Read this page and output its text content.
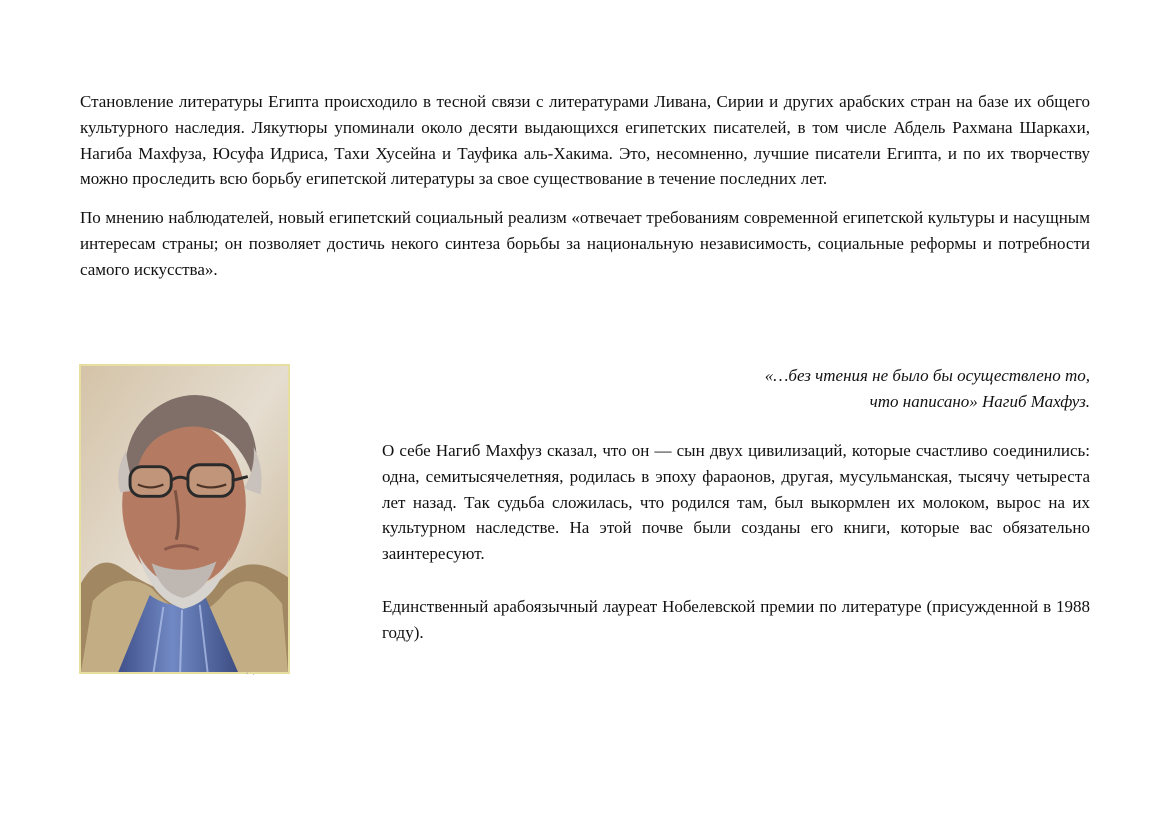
Становление литературы Египта происходило в тесной связи с литературами Ливана, Сирии и других арабских стран на базе их общего культурного наследия. Лякутюры упоминали около десяти выдающихся египетских писателей, в том числе Абдель Рахмана Шаркахи, Нагиба Махфуза, Юсуфа Идриса, Тахи Хусейна и Тауфика аль-Хакима. Это, несомненно, лучшие писатели Египта, и по их творчеству можно проследить всю борьбу египетской литературы за свое существование в течение последних лет.

По мнению наблюдателей, новый египетский социальный реализм «отвечает требованиям современной египетской культуры и насущным интересам страны; он позволяет достичь некого синтеза борьбы за национальную независимость, социальные реформы и потребности самого искусства».

‘ ·
«…без чтения не было бы осуществлено то,
что написано» Нагиб Махфуз.

О себе Нагиб Махфуз сказал, что он — сын двух цивилизаций, которые счастливо соединились: одна, семитысячелетняя, родилась в эпоху фараонов, другая, мусульманская, тысячу четыреста лет назад. Так судьба сложилась, что родился там, был выкормлен их молоком, вырос на их культурном наследстве. На этой почве были созданы его книги, которые вас обязательно заинтересуют.

Единственный арабоязычный лауреат Нобелевской премии по литературе (присужденной в 1988 году).
